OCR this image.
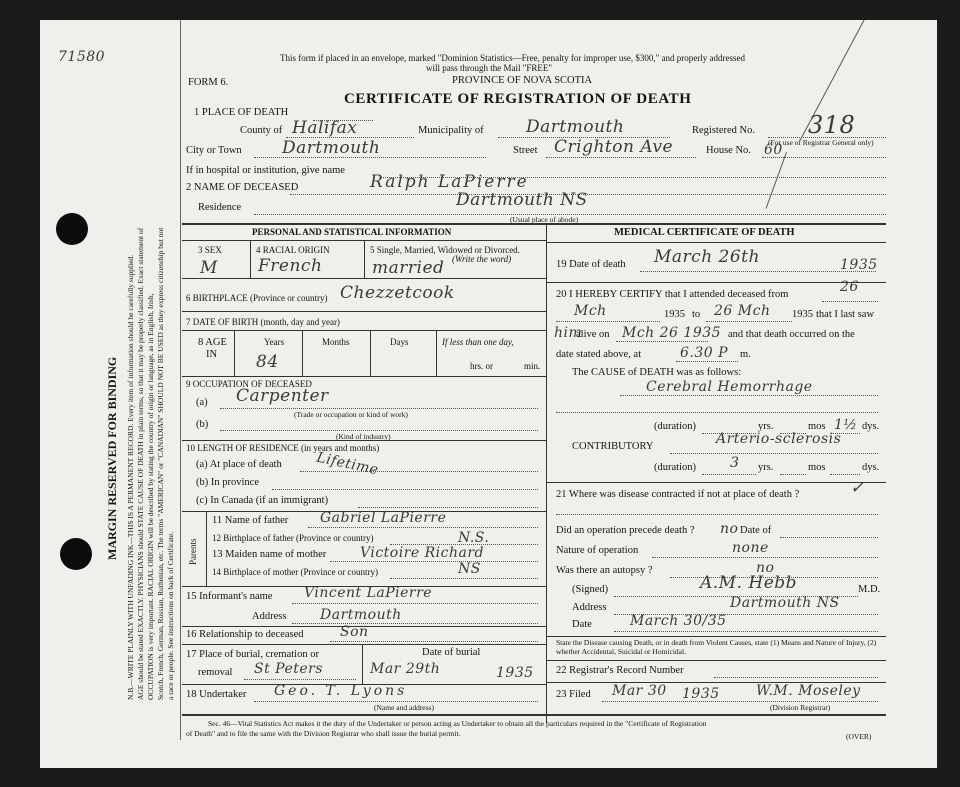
71580
MARGIN RESERVED FOR BINDING N.B.—WRITE PLAINLY WITH UNFADING INK—THIS IS A PERMANENT RECORD. Every item of information should be carefully supplied. AGE should be stated EXACTLY. PHYSICIANS should STATE CAUSE OF DEATH in plain terms, so that it may be properly classified. Exact statement of OCCUPATION is very important. RACIAL ORIGIN will be described by stating the country of origin or language, as in English, Irish, Scotch, French, German, Russian, Ruthenian, etc. The terms "AMERICAN" or "CANADIAN" SHOULD NOT BE USED as they express citizenship but not a race or people. See instructions on back of Certificate.
This form if placed in an envelope, marked "Dominion Statistics—Free, penalty for improper use, $300," and properly addressed
will pass through the Mail "FREE"
FORM 6.	PROVINCE OF NOVA SCOTIA
CERTIFICATE OF REGISTRATION OF DEATH
1 PLACE OF DEATH
County of Halifax	Municipality of Dartmouth	Registered No. 318
(For use of Registrar General only)
City or Town Dartmouth	Street Crighton Ave	House No. 60
If in hospital or institution, give name
2 NAME OF DECEASED	Ralph LaPierre
Residence	Dartmouth NS
(Usual place of abode)
PERSONAL AND STATISTICAL INFORMATION
3 SEX	4 RACIAL ORIGIN	5 Single, Married, Widowed or Divorced.
(Write the word)
M French	married
6 BIRTHPLACE (Province or country) Chezzetcook
7 DATE OF BIRTH (month, day and year)
8 AGE
IN
Years
84
Months	Days	If less than one day,
hrs. or	min.
9 OCCUPATION OF DECEASED
(a) Carpenter
(Trade or occupation or kind of work)
(b)
(Kind of industry)
10 LENGTH OF RESIDENCE (in years and months)
(a) At place of death Lifetime
(b) In province
(c) In Canada (if an immigrant)
Parents
11 Name of father Gabriel LaPierre
12 Birthplace of father (Province or country)	N.S.
13 Maiden name of mother Victoire Richard
14 Birthplace of mother (Province or country)	NS
15 Informant's name Vincent LaPierre
Address Dartmouth
16 Relationship to deceased	Son
17 Place of burial, cremation or
removal St Peters
Date of burial
Mar 29th	1935
18 Undertaker Geo. T. Lyons
(Name and address)
MEDICAL CERTIFICATE OF DEATH
19 Date of death March 26th	1935
20 I HEREBY CERTIFY that I attended deceased from	26
Mch	1935 to 26 Mch 1935 that I last saw
him
alive on Mch 26 1935 and that death occurred on the
date stated above, at	6.30 P m.
The CAUSE of DEATH was as follows:
Cerebral Hemorrhage
(duration)	yrs.	mos 1½ dys.
CONTRIBUTORY	Arterio-sclerosis
(duration) 3 yrs.	mos	dys.
21 Where was disease contracted if not at place of death ?	✓
Did an operation precede death ? no Date of
Nature of operation	none
Was there an autopsy ?	no
(Signed)	A.M. Hebb	M.D.
Address	Dartmouth NS
Date	March 30/35
State the Disease causing Death, or in death from Violent Causes, state (1) Means and Nature of Injury, (2) whether Accidental, Suicidal or Homicidal.
22 Registrar's Record Number
23 Filed Mar 30 1935	W.M. Moseley
(Division Registrar)
Sec. 46—Vital Statistics Act makes it the duty of the Undertaker or person acting as Undertaker to obtain all the particulars required in the "Certificate of Registration
of Death" and to file the same with the Division Registrar who shall issue the burial permit.	(OVER)
